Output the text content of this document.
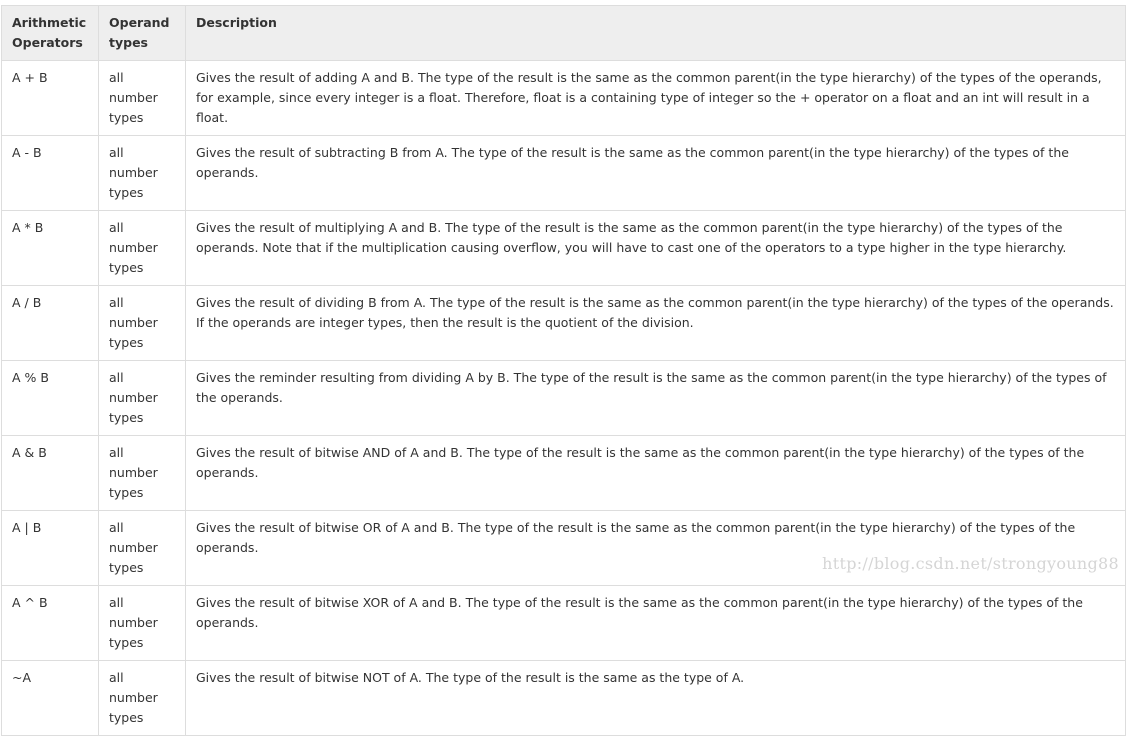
Arithmetic Operators	Operand types	Description
A + B	all number types	Gives the result of adding A and B. The type of the result is the same as the common parent(in the type hierarchy) of the types of the operands, for example, since every integer is a float. Therefore, float is a containing type of integer so the + operator on a float and an int will result in a float.
A - B	all number types	Gives the result of subtracting B from A. The type of the result is the same as the common parent(in the type hierarchy) of the types of the operands.
A * B	all number types	Gives the result of multiplying A and B. The type of the result is the same as the common parent(in the type hierarchy) of the types of the operands. Note that if the multiplication causing overflow, you will have to cast one of the operators to a type higher in the type hierarchy.
A / B	all number types	Gives the result of dividing B from A. The type of the result is the same as the common parent(in the type hierarchy) of the types of the operands. If the operands are integer types, then the result is the quotient of the division.
A % B	all number types	Gives the reminder resulting from dividing A by B. The type of the result is the same as the common parent(in the type hierarchy) of the types of the operands.
A & B	all number types	Gives the result of bitwise AND of A and B. The type of the result is the same as the common parent(in the type hierarchy) of the types of the operands.
A | B	all number types	Gives the result of bitwise OR of A and B. The type of the result is the same as the common parent(in the type hierarchy) of the types of the operands.
A ^ B	all number types	Gives the result of bitwise XOR of A and B. The type of the result is the same as the common parent(in the type hierarchy) of the types of the operands.
~A	all number types	Gives the result of bitwise NOT of A. The type of the result is the same as the type of A.
http://blog.csdn.net/strongyoung88
